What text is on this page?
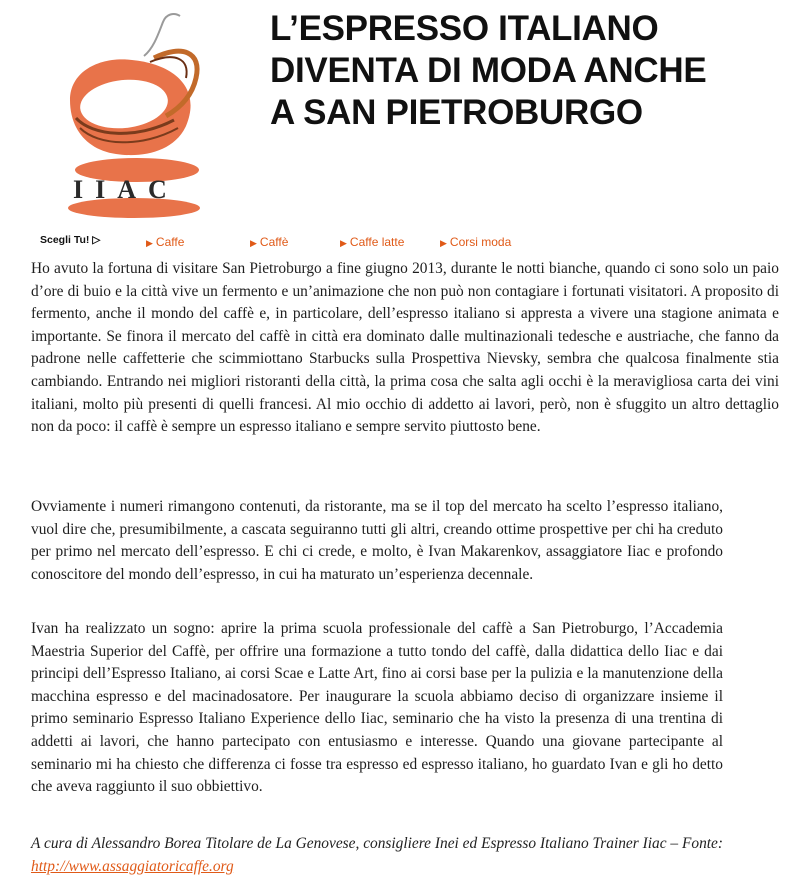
IIAC
L’ESPRESSO ITALIANO
DIVENTA DI MODA ANCHE
A SAN PIETROBURGO
Scegli Tu! ▷	▶ Caffe	▶ Caffè	▶ Caffe latte	▶ Corsi moda

Ho avuto la fortuna di visitare San Pietroburgo a fine giugno 2013, durante le notti bianche, quando ci sono solo un paio d’ore di buio e la città vive un fermento e un’animazione che non può non contagiare i fortunati visitatori. A proposito di fermento, anche il mondo del caffè e, in particolare, dell’espresso italiano si appresta a vivere una stagione animata e importante. Se finora il mercato del caffè in città era dominato dalle multinazionali tedesche e austriache, che fanno da padrone nelle caffetterie che scimmiottano Starbucks sulla Prospettiva Nievsky, sembra che qualcosa finalmente stia cambiando. Entrando nei migliori ristoranti della città, la prima cosa che salta agli occhi è la meravigliosa carta dei vini italiani, molto più presenti di quelli francesi. Al mio occhio di addetto ai lavori, però, non è sfuggito un altro dettaglio non da poco: il caffè è sempre un espresso italiano e sempre servito piuttosto bene.

Ovviamente i numeri rimangono contenuti, da ristorante, ma se il top del mercato ha scelto l’espresso italiano, vuol dire che, presumibilmente, a cascata seguiranno tutti gli altri, creando ottime prospettive per chi ha creduto per primo nel mercato dell’espresso. E chi ci crede, e molto, è Ivan Makarenkov, assaggiatore Iiac e profondo conoscitore del mondo dell’espresso, in cui ha maturato un’esperienza decennale.

Ivan ha realizzato un sogno: aprire la prima scuola professionale del caffè a San Pietroburgo, l’Accademia Maestria Superior del Caffè, per offrire una formazione a tutto tondo del caffè, dalla didattica dello Iiac e dai principi dell’Espresso Italiano, ai corsi Scae e Latte Art, fino ai corsi base per la pulizia e la manutenzione della macchina espresso e del macinadosatore. Per inaugurare la scuola abbiamo deciso di organizzare insieme il primo seminario Espresso Italiano Experience dello Iiac, seminario che ha visto la presenza di una trentina di addetti ai lavori, che hanno partecipato con entusiasmo e interesse. Quando una giovane partecipante al seminario mi ha chiesto che differenza ci fosse tra espresso ed espresso italiano, ho guardato Ivan e gli ho detto che aveva raggiunto il suo obbiettivo.

A cura di Alessandro Borea Titolare de La Genovese, consigliere Inei ed Espresso Italiano Trainer Iiac – Fonte: http://www.assaggiatoricaffe.org
